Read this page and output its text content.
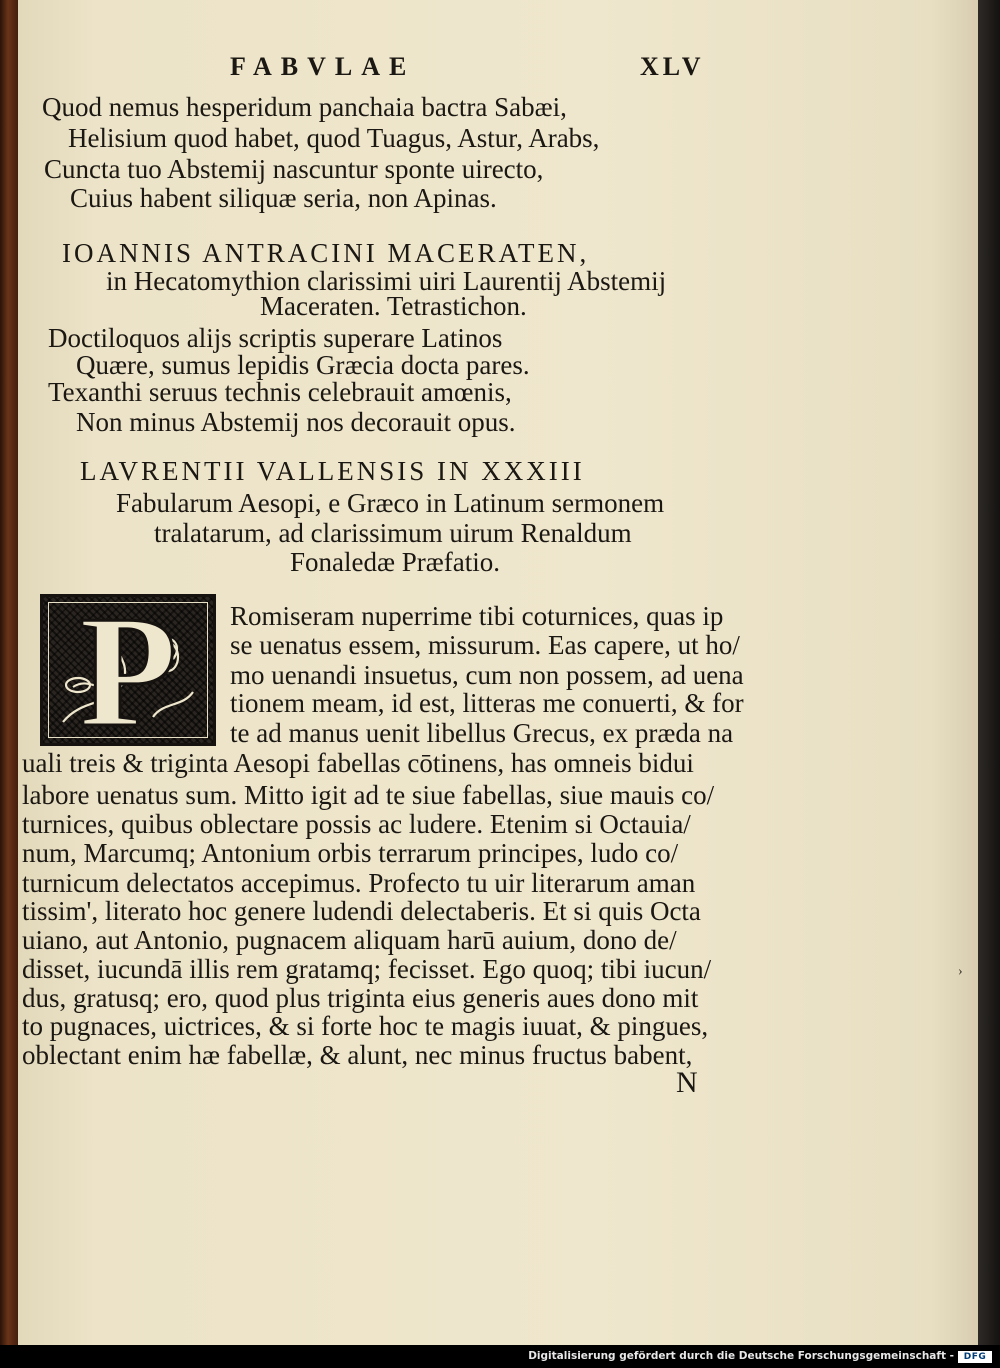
FABVLAE	XLV
Quod nemus hesperidum panchaia bactra Sabæi,
Helisium quod habet, quod Tuagus, Astur, Arabs,
Cuncta tuo Abstemij nascuntur sponte uirecto,
Cuius habent siliquæ seria, non Apinas.
IOANNIS ANTRACINI MACERATEN,
in Hecatomythion clarissimi uiri Laurentij Abstemij
Maceraten. Tetrastichon.
Doctiloquos alijs scriptis superare Latinos
Quære, sumus lepidis Græcia docta pares.
Texanthi seruus technis celebrauit amœnis,
Non minus Abstemij nos decorauit opus.
LAVRENTII VALLENSIS IN XXXIII
Fabularum Aesopi, e Græco in Latinum sermonem
tralatarum, ad clarissimum uirum Renaldum
Fonaledæ Præfatio.
Romiseram nuperrime tibi coturnices, quas ip
se uenatus essem, missurum. Eas capere, ut ho/
mo uenandi insuetus, cum non possem, ad uena
tionem meam, id est, litteras me conuerti, & for
te ad manus uenit libellus Grecus, ex præda na
uali treis & triginta Aesopi fabellas cōtinens, has omneis bidui
labore uenatus sum. Mitto igit ad te siue fabellas, siue mauis co/
turnices, quibus oblectare possis ac ludere. Etenim si Octauia/
num, Marcumq; Antonium orbis terrarum principes, ludo co/
turnicum delectatos accepimus. Profecto tu uir literarum aman
tissim', literato hoc genere ludendi delectaberis. Et si quis Octa
uiano, aut Antonio, pugnacem aliquam harū auium, dono de/
disset, iucundā illis rem gratamq; fecisset. Ego quoq; tibi iucun/
dus, gratusq; ero, quod plus triginta eius generis aues dono mit
to pugnaces, uictrices, & si forte hoc te magis iuuat, & pingues,
oblectant enim hæ fabellæ, & alunt, nec minus fructus babent,
N
›
P
Digitalisierung gefördert durch die Deutsche Forschungsgemeinschaft -	DFG
